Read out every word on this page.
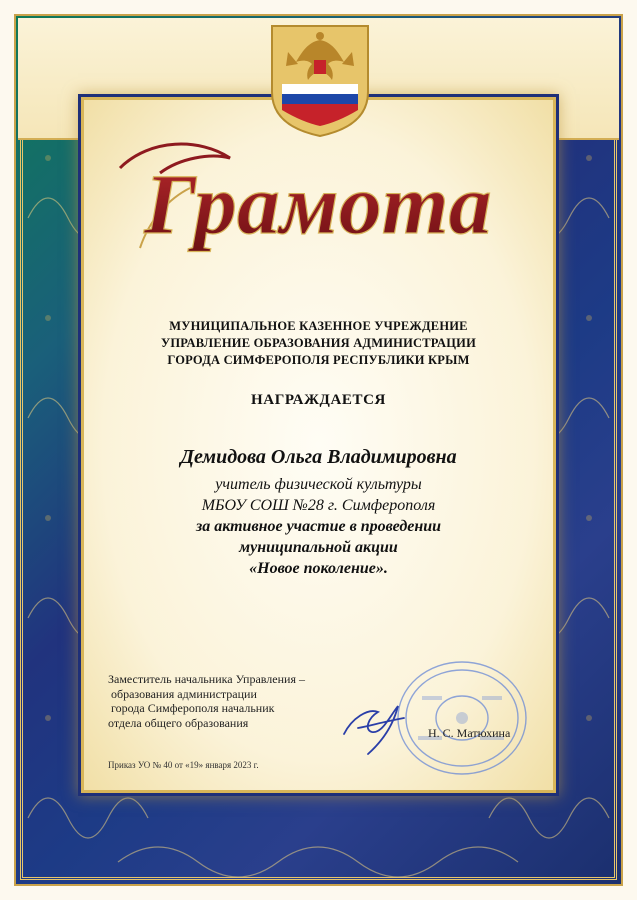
Грамота
МУНИЦИПАЛЬНОЕ КАЗЕННОЕ УЧРЕЖДЕНИЕ
УПРАВЛЕНИЕ ОБРАЗОВАНИЯ АДМИНИСТРАЦИИ
ГОРОДА СИМФЕРОПОЛЯ РЕСПУБЛИКИ КРЫМ
НАГРАЖДАЕТСЯ
Демидова Ольга Владимировна
учитель физической культуры
МБОУ СОШ №28 г. Симферополя
за активное участие в проведении
муниципальной акции
«Новое поколение».
Заместитель начальника Управления –
образования администрации
города Симферополя начальник
отдела общего образования
Н. С. Матюхина
Приказ УО № 40 от «19» января 2023 г.
